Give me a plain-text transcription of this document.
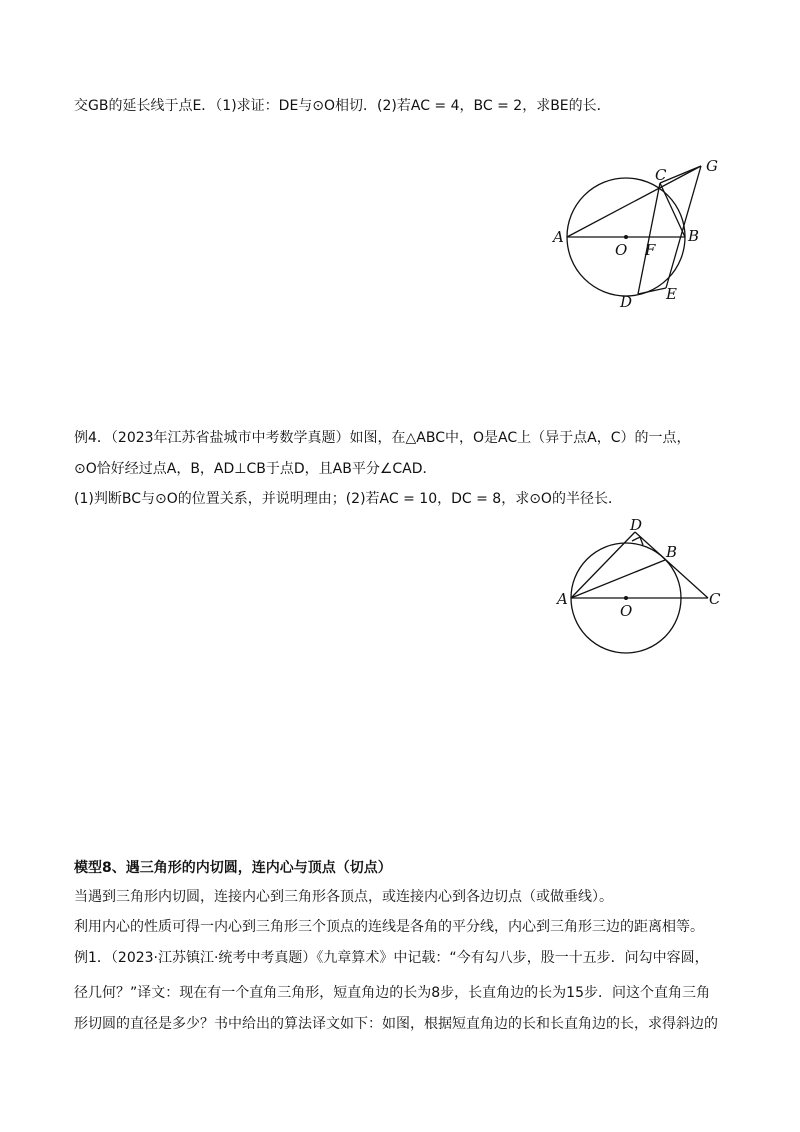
交GB的延长线于点E．（1)求证：DE与⊙O相切．(2)若AC = 4，BC = 2，求BE的长．
A	B
C
D E
F
G
O
例4．（2023年江苏省盐城市中考数学真题）如图，在△ABC中，O是AC上（异于点A，C）的一点，
⊙O恰好经过点A，B，AD⊥CB于点D，且AB平分∠CAD．
(1)判断BC与⊙O的位置关系，并说明理由；(2)若AC = 10，DC = 8，求⊙O的半径长．
A
B
C
D
O
模型8、遇三角形的内切圆，连内心与顶点（切点）
当遇到三角形内切圆，连接内心到三角形各顶点，或连接内心到各边切点（或做垂线）。
利用内心的性质可得一内心到三角形三个顶点的连线是各角的平分线，内心到三角形三边的距离相等。
例1．（2023·江苏镇江·统考中考真题）《九章算术》中记载：“今有勾八步，股一十五步．问勾中容圆，
径几何？”译文：现在有一个直角三角形，短直角边的长为8步，长直角边的长为15步．问这个直角三角
形切圆的直径是多少？书中给出的算法译文如下：如图，根据短直角边的长和长直角边的长，求得斜边的
